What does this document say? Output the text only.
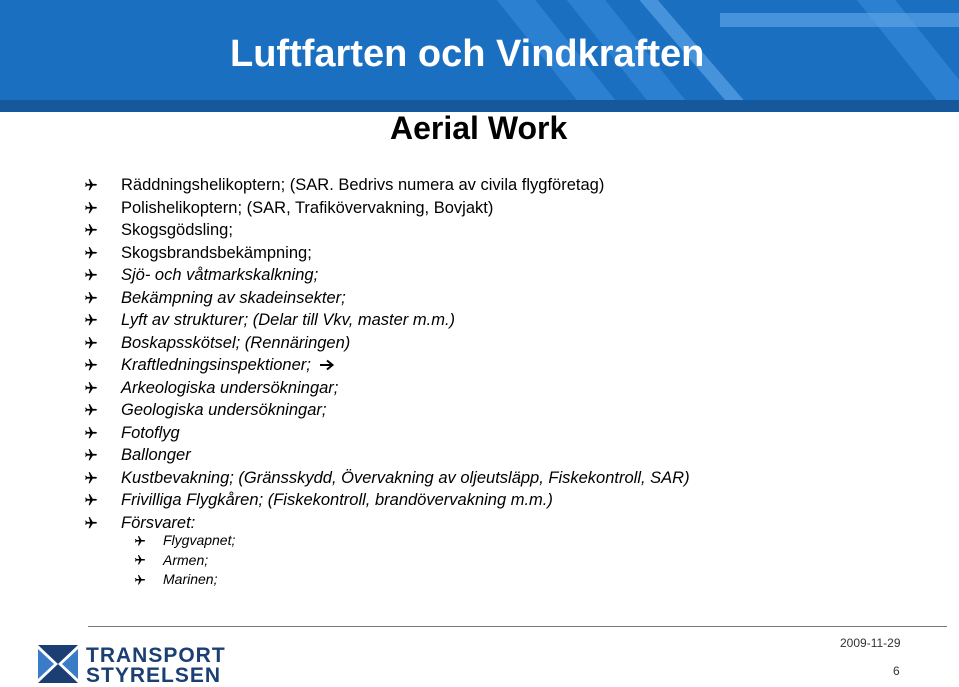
Luftfarten och Vindkraften
Aerial Work
Räddningshelikoptern; (SAR. Bedrivs numera av civila flygföretag)
Polishelikoptern; (SAR, Trafikövervakning, Bovjakt)
Skogsgödsling;
Skogsbrandsbekämpning;
Sjö- och våtmarkskalkning;
Bekämpning av skadeinsekter;
Lyft av strukturer; (Delar till Vkv, master m.m.)
Boskapsskötsel; (Rennäringen)
Kraftledningsinspektioner;
Arkeologiska undersökningar;
Geologiska undersökningar;
Fotoflyg
Ballonger
Kustbevakning; (Gränsskydd, Övervakning av oljeutsläpp, Fiskekontroll, SAR)
Frivilliga Flygkåren; (Fiskekontroll, brandövervakning m.m.)
Försvaret:
Flygvapnet;
Armen;
Marinen;
TRANSPORT
STYRELSEN
2009-11-29
6
